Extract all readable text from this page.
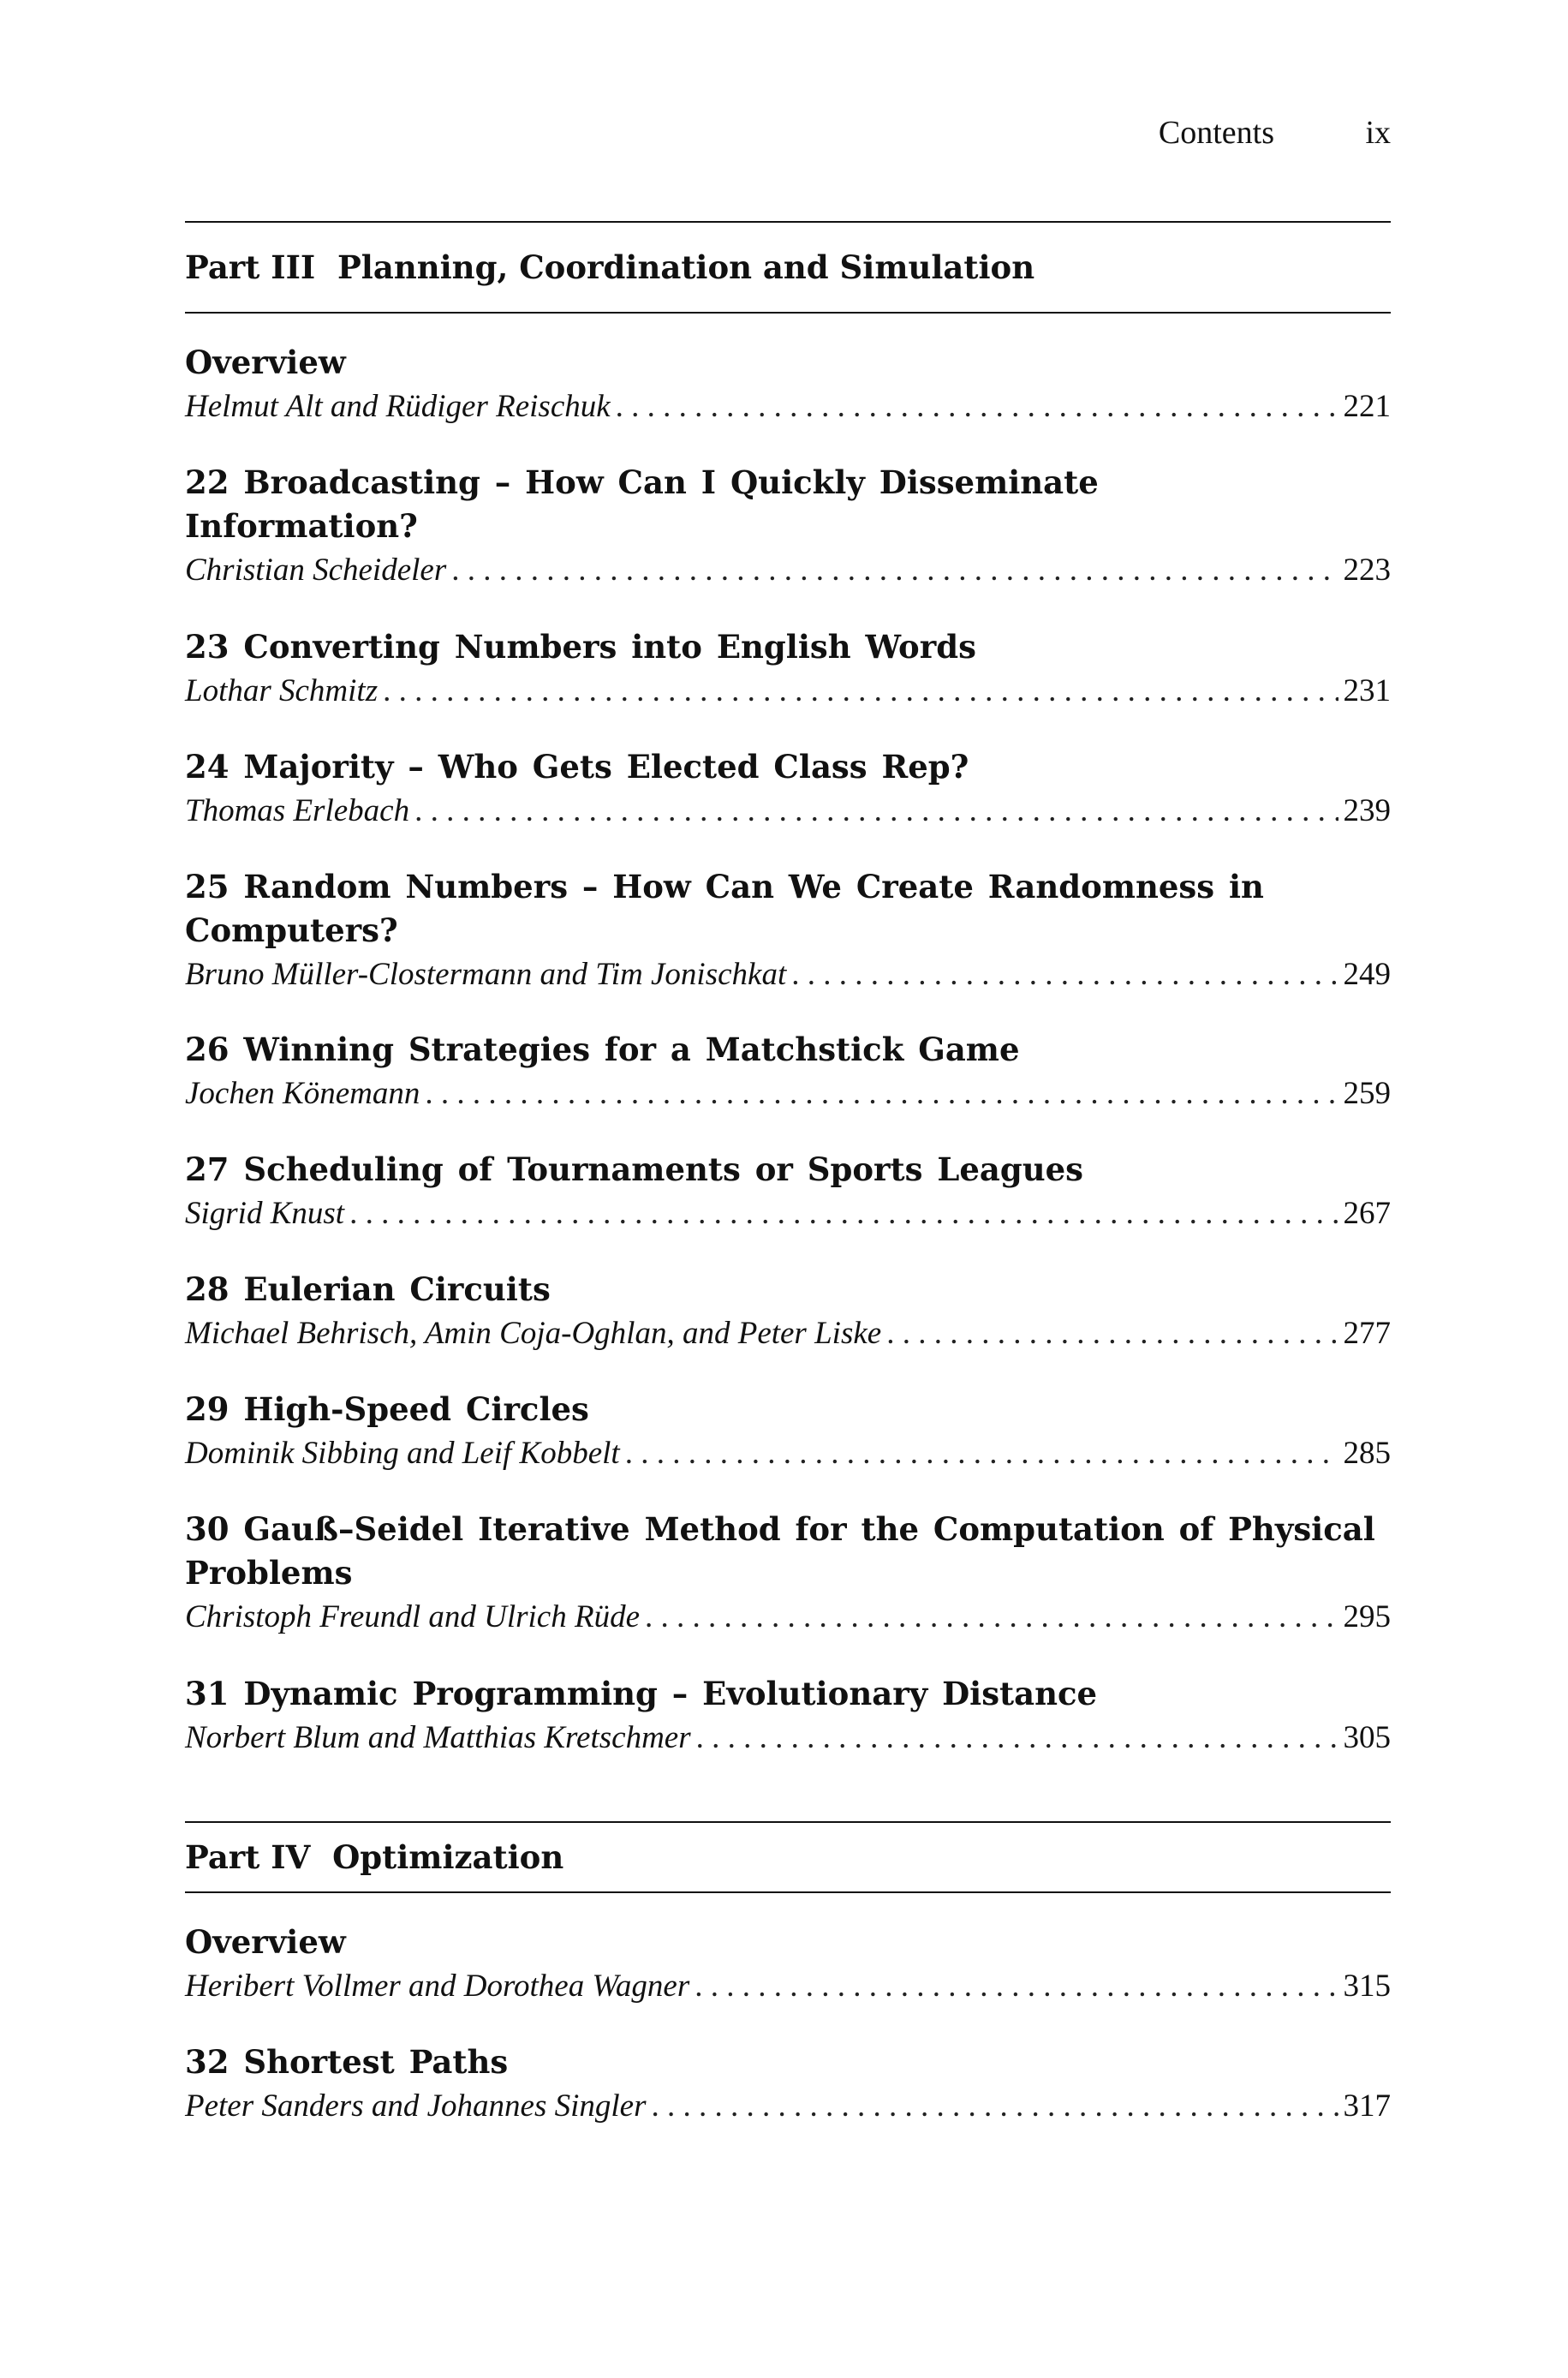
Contents	ix
Part III Planning, Coordination and Simulation
Overview
Helmut Alt and Rüdiger Reischuk . . .	221
22 Broadcasting – How Can I Quickly Disseminate Information?
Christian Scheideler . . .	223
23 Converting Numbers into English Words
Lothar Schmitz . . .	231
24 Majority – Who Gets Elected Class Rep?
Thomas Erlebach . . .	239
25 Random Numbers – How Can We Create Randomness in Computers?
Bruno Müller-Clostermann and Tim Jonischkat . . .	249
26 Winning Strategies for a Matchstick Game
Jochen Könemann . . .	259
27 Scheduling of Tournaments or Sports Leagues
Sigrid Knust . . .	267
28 Eulerian Circuits
Michael Behrisch, Amin Coja-Oghlan, and Peter Liske . . .	277
29 High-Speed Circles
Dominik Sibbing and Leif Kobbelt . . .	285
30 Gauß–Seidel Iterative Method for the Computation of Physical Problems
Christoph Freundl and Ulrich Rüde . . .	295
31 Dynamic Programming – Evolutionary Distance
Norbert Blum and Matthias Kretschmer . . .	305
Part IV Optimization
Overview
Heribert Vollmer and Dorothea Wagner . . .	315
32 Shortest Paths
Peter Sanders and Johannes Singler . . .	317
